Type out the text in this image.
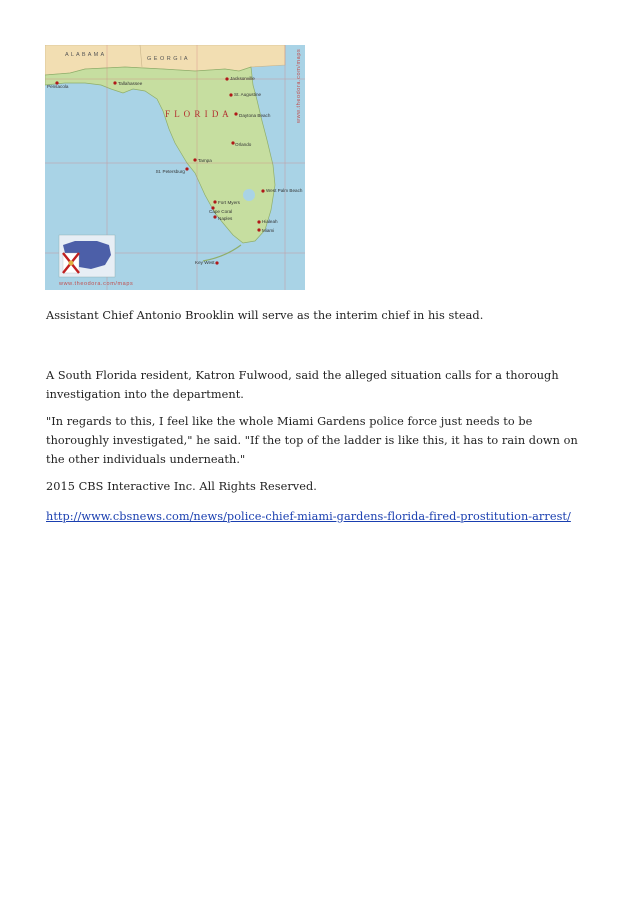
A L A B A M A
G E O R G I A
F L O R I D A
Pensacola
Tallahassee
Jacksonville
St. Augustine
Daytona Beach
Orlando
Tampa
St. Petersburg
West Palm Beach
Fort Myers
Cape Coral
Naples
Hialeah
Miami
Key West
www.theodora.com/maps
www.theodora.com/maps

Assistant Chief Antonio Brooklin will serve as the interim chief in his stead.

A South Florida resident, Katron Fulwood, said the alleged situation calls for a thorough investigation into the department.

"In regards to this, I feel like the whole Miami Gardens police force just needs to be thoroughly investigated," he said. "If the top of the ladder is like this, it has to rain down on the other individuals underneath."

2015 CBS Interactive Inc. All Rights Reserved.

http://www.cbsnews.com/news/police-chief-miami-gardens-florida-fired-prostitution-arrest/
